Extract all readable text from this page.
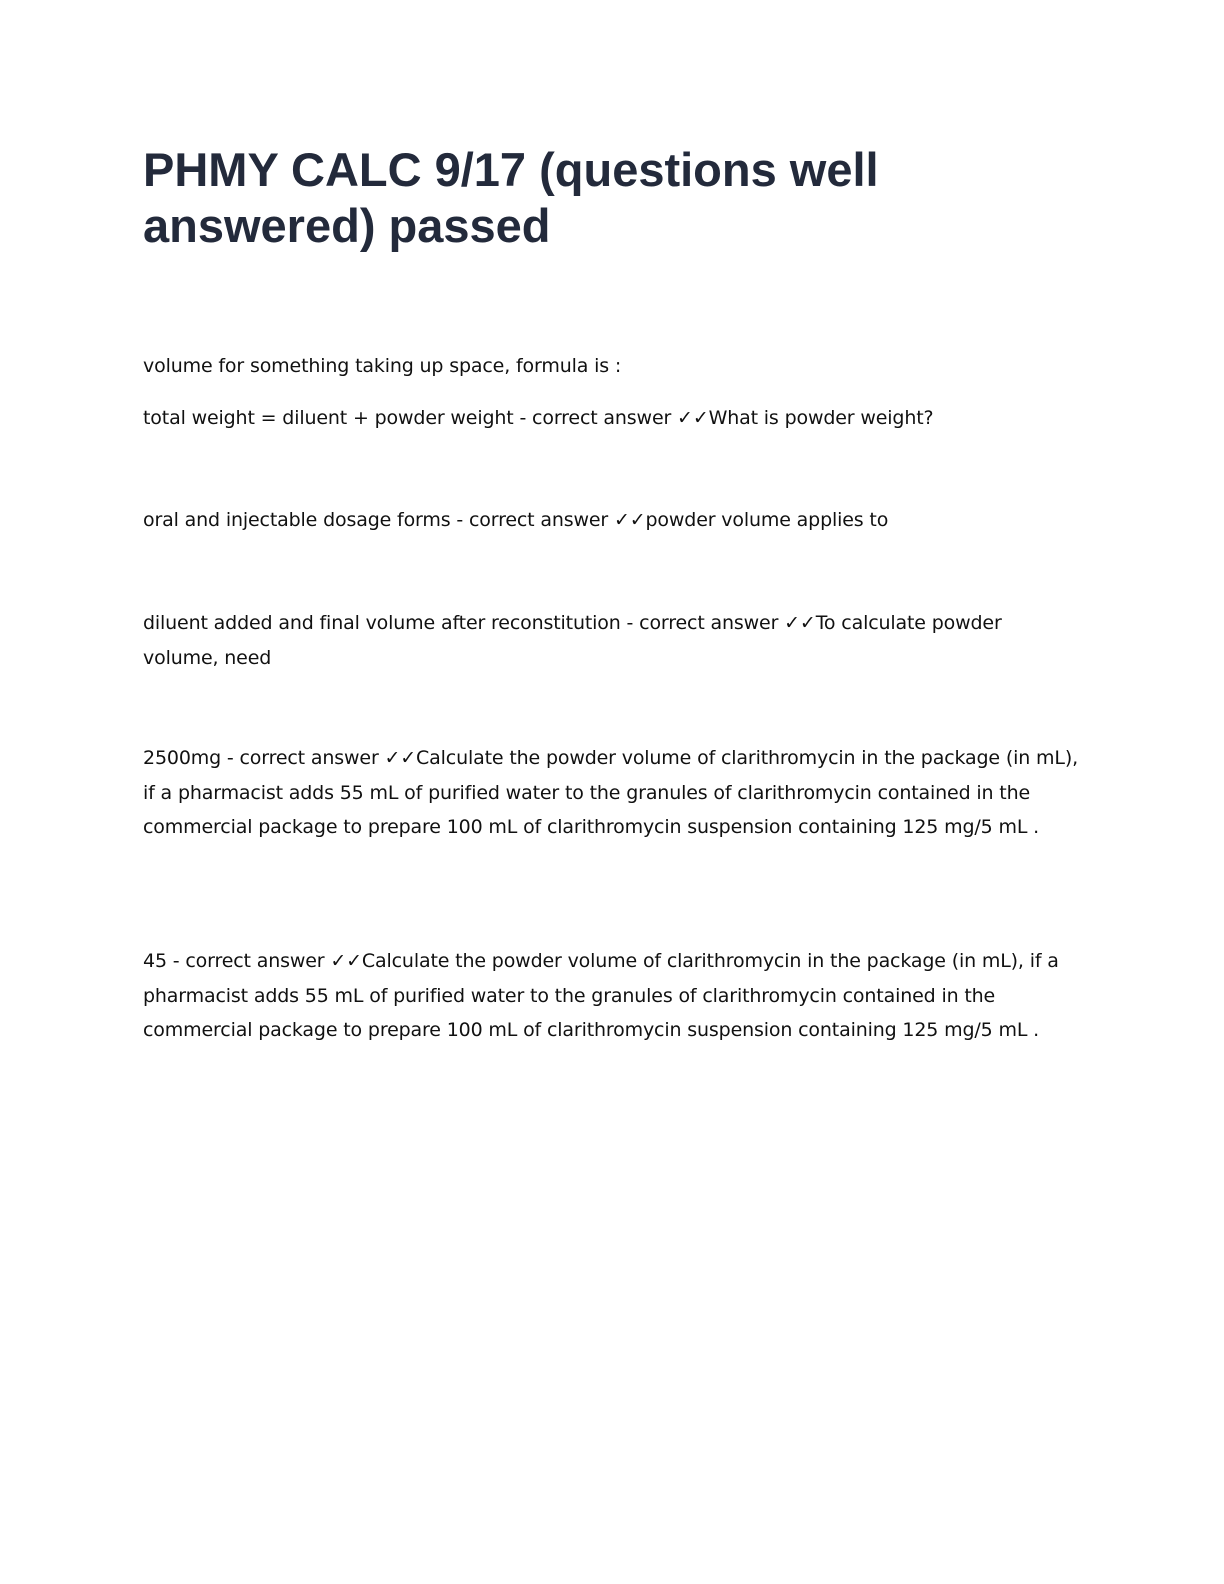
PHMY CALC 9/17 (questions well answered) passed

volume for something taking up space, formula is :

total weight = diluent + powder weight - correct answer ✓✓What is powder weight?

oral and injectable dosage forms - correct answer ✓✓powder volume applies to

diluent added and final volume after reconstitution - correct answer ✓✓To calculate powder volume, need

2500mg - correct answer ✓✓Calculate the powder volume of clarithromycin in the package (in mL), if a pharmacist adds 55 mL of purified water to the granules of clarithromycin contained in the commercial package to prepare 100 mL of clarithromycin suspension containing 125 mg/5 mL .

45 - correct answer ✓✓Calculate the powder volume of clarithromycin in the package (in mL), if a pharmacist adds 55 mL of purified water to the granules of clarithromycin contained in the commercial package to prepare 100 mL of clarithromycin suspension containing 125 mg/5 mL .
